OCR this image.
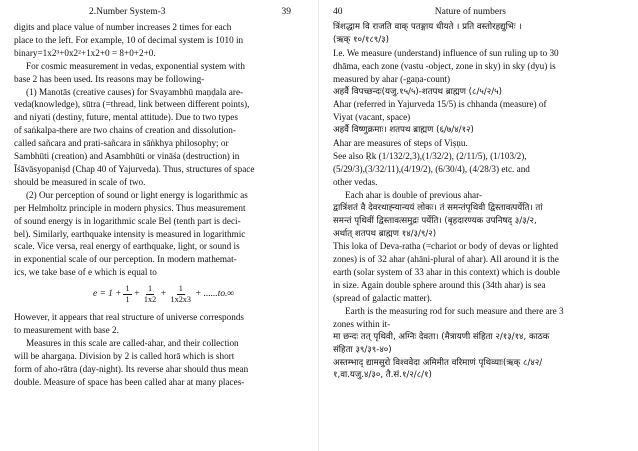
2.Number System-3	39

digits and place value of number increases 2 times for each

place to the left. For example, 10 of decimal system is 1010 in

binary=1x2³+0x2²+1x2+0 = 8+0+2+0.

For cosmic measurement in vedas, exponential system with

base 2 has been used. Its reasons may be following-

(1) Manotās (creative causes) for Svayambhū maṇḍala are-

veda(knowledge), sūtra (=thread, link between different points),

and niyati (destiny, future, mental attitude). Due to two types

of saṅkalpa-there are two chains of creation and dissolution-

called sañcara and prati-sañcara in sāṅkhya philosophy; or

Sambhūti (creation) and Asambhūti or vināśa (destruction) in

Īśāvāsyopaniṣd (Chap 40 of Yajurveda). Thus, structures of space

should be measured in scale of two.

(2) Our perception of sound or light energy is logarithmic as

per Helmholtz principle in modern physics. Thus measurement

of sound energy is in logarithmic scale Bel (tenth part is deci-

bel). Similarly, earthquake intensity is measured in logarithmic

scale. Vice versa, real energy of earthquake, light, or sound is

in exponential scale of our perception. In modern mathemat-

ics, we take base of e which is equal to

$e = 1 + \frac{1}{1} + \frac{1}{1x2} + \frac{1}{1x2x3} + ......to.\infty$

However, it appears that real structure of universe corresponds

to measurement with base 2.

Measures in this scale are called-ahar, and their collection

will be ahargaṇa. Division by 2 is called horā which is short

form of aho-rātra (day-night). Its reverse ahar should thus mean

double. Measure of space has been called ahar at many places-

40	Nature of numbers

त्रिंशद्धाम वि राजति वाक् पतङ्गाय धीयते । प्रति वस्तोरहद्युभिः ।

(ऋक् १०/१८९/३)

I.e. We measure (understand) influence of sun ruling up to 30

dhāma, each zone (vastu -object, zone in sky) in sky (dyu) is

measured by ahar (-gaṇa-count)

अहर्वै विपच्छन्दः(यजु.१५/५)-शतपथ ब्राह्मण (८/५/२/५)

Ahar (referred in Yajurveda 15/5) is chhanda (measure) of

Viyat (vacant, space)

अहर्वै विष्णुक्रमाः। शतपथ ब्राह्मण (६/७/४/१२)

Ahar are measures of steps of Viṣṇu.

See also Ṛk (1/132/2,3),(1/32/2), (2/11/5), (1/103/2),

(5/29/3),(3/32/11),(4/19/2), (6/30/4), (4/28/3) etc. and

other vedas.

Each ahar is double of previous ahar-

द्वात्रिंशतं वै देवरथाह्न्यान्ययं लोकः। तं समन्तंपृथिवी द्विस्तावत्पर्येति। तां

समन्तं पृथिवीं द्विस्तावत्समुद्रः पर्येति। (बृहदारण्यक उपनिषद् ३/३/२,

अर्थात् शतपथ ब्राह्मण १४/३/९/२)

This loka of Deva-ratha (=chariot or body of devas or lighted

zones) is of 32 ahar (ahāni-plural of ahar). All around it is the

earth (solar system of 33 ahar in this context) which is double

in size. Again double sphere around this (34th ahar) is sea

(spread of galactic matter).

Earth is the measuring rod for such measure and there are 3

zones within it-

मा छन्दः तत् पृथिवी, अग्निः देवता। (मैत्रायणी संहिता २/१३/१४, काठक

संहिता ३९/३९-४०)

अस्तम्भाद् द्यामसुरो विश्ववेदा अमिमीत वरिमाणं पृथिव्याः(ऋक् ८/४२/

१,वा.यजु.४/३०, तै.सं.१/२/८/१)
